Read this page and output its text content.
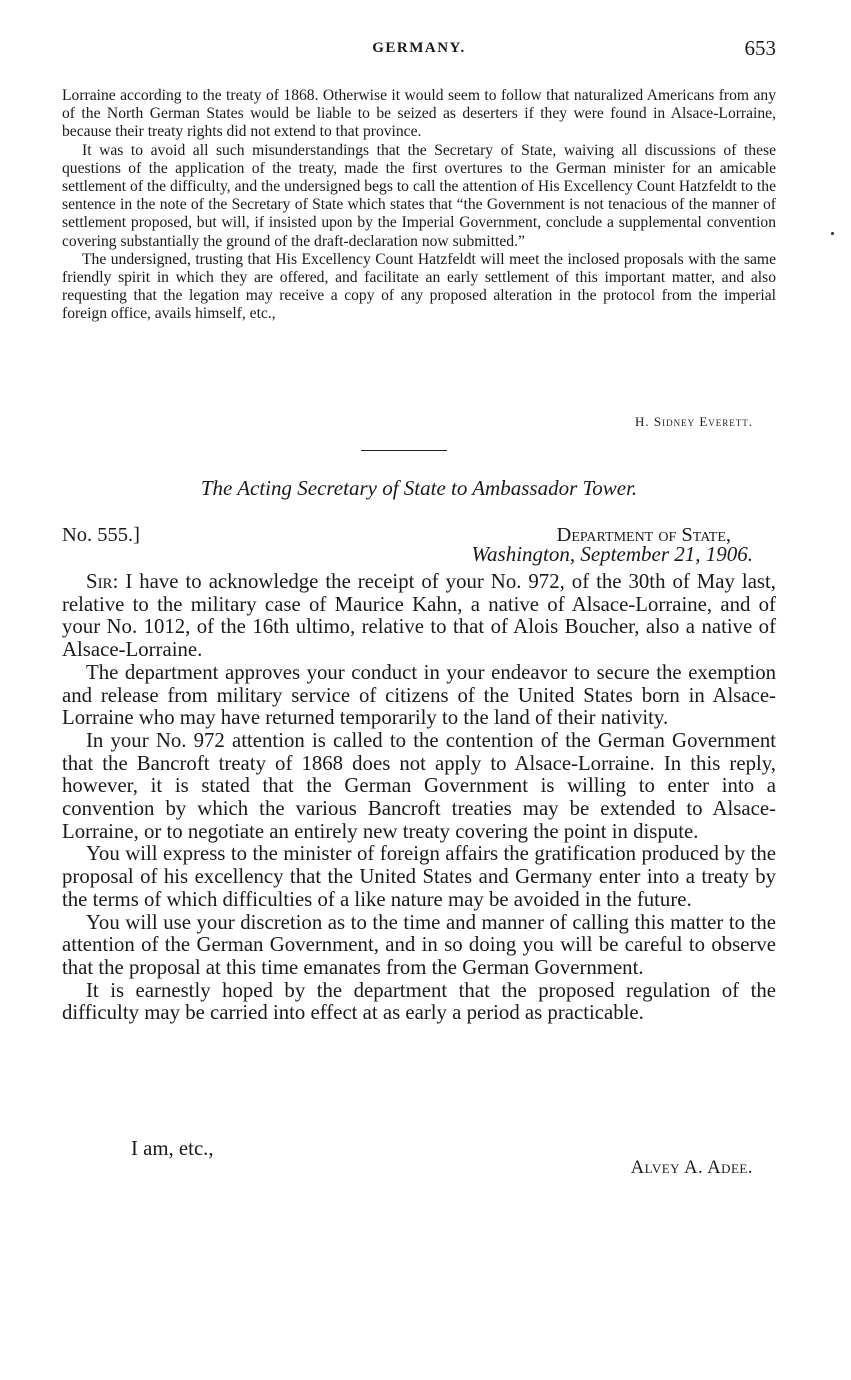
GERMANY.	653

Lorraine according to the treaty of 1868. Otherwise it would seem to follow that naturalized Americans from any of the North German States would be liable to be seized as deserters if they were found in Alsace-Lorraine, because their treaty rights did not extend to that province.

It was to avoid all such misunderstandings that the Secretary of State, waiving all discussions of these questions of the application of the treaty, made the first overtures to the German minister for an amicable settlement of the difficulty, and the undersigned begs to call the attention of His Excellency Count Hatzfeldt to the sentence in the note of the Secretary of State which states that “the Government is not tenacious of the manner of settlement proposed, but will, if insisted upon by the Imperial Government, conclude a supplemental convention covering substantially the ground of the draft-declaration now submitted.”

The undersigned, trusting that His Excellency Count Hatzfeldt will meet the inclosed proposals with the same friendly spirit in which they are offered, and facilitate an early settlement of this important matter, and also requesting that the legation may receive a copy of any proposed alteration in the protocol from the imperial foreign office, avails himself, etc.,

H. Sidney Everett.
The Acting Secretary of State to Ambassador Tower.
No. 555.]	Department of State,
Washington, September 21, 1906.

Sir: I have to acknowledge the receipt of your No. 972, of the 30th of May last, relative to the military case of Maurice Kahn, a native of Alsace-Lorraine, and of your No. 1012, of the 16th ultimo, relative to that of Alois Boucher, also a native of Alsace-Lorraine.

The department approves your conduct in your endeavor to secure the exemption and release from military service of citizens of the United States born in Alsace-Lorraine who may have returned temporarily to the land of their nativity.

In your No. 972 attention is called to the contention of the German Government that the Bancroft treaty of 1868 does not apply to Alsace-Lorraine. In this reply, however, it is stated that the German Government is willing to enter into a convention by which the various Bancroft treaties may be extended to Alsace-Lorraine, or to negotiate an entirely new treaty covering the point in dispute.

You will express to the minister of foreign affairs the gratification produced by the proposal of his excellency that the United States and Germany enter into a treaty by the terms of which difficulties of a like nature may be avoided in the future.

You will use your discretion as to the time and manner of calling this matter to the attention of the German Government, and in so doing you will be careful to observe that the proposal at this time emanates from the German Government.

It is earnestly hoped by the department that the proposed regulation of the difficulty may be carried into effect at as early a period as practicable.

I am, etc.,
Alvey A. Adee.
